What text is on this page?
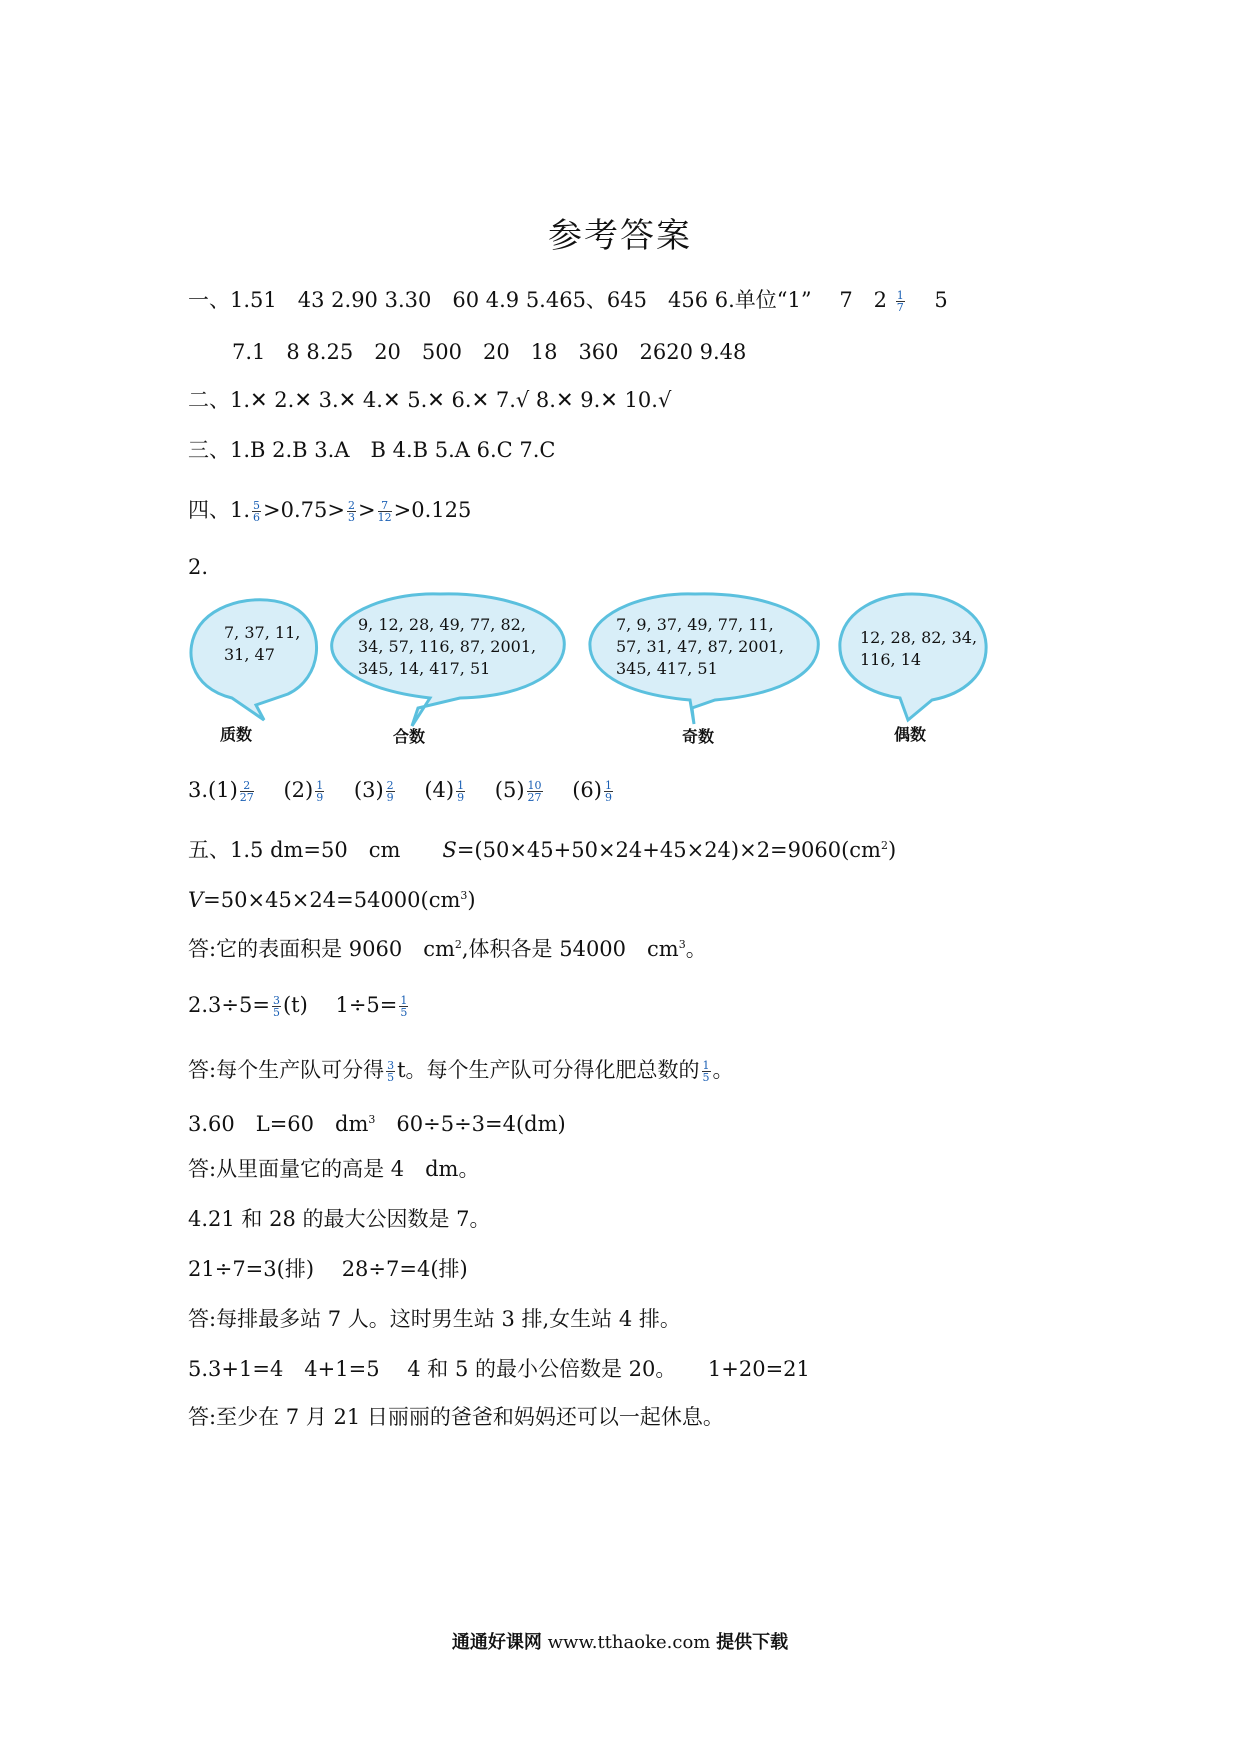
参考答案
一、1.51　43 2.90 3.30　60 4.9 5.465、645　456 6.单位“1”　 7　$2 \frac{1}{7}$ 　5
7.1　8 8.25　20　500　20　18　360　2620 9.48
二、1.✕ 2.✕ 3.✕ 4.✕ 5.✕ 6.✕ 7.√ 8.✕ 9.✕ 10.√
三、1.B 2.B 3.A　B 4.B 5.A 6.C 7.C
四、1. $\frac{5}{6} >0.75> \frac{2}{3} > \frac{7}{12} >0.125$
2.
7, 37, 11,
31, 47
质数
9, 12, 28, 49, 77, 82,
34, 57, 116, 87, 2001,
345, 14, 417, 51
合数
7, 9, 37, 49, 77, 11,
57, 31, 47, 87, 2001,
345, 417, 51
奇数
12, 28, 82, 34,
116, 14
偶数
$3.(1) \frac{2}{27}$
　 $(2) \frac{1}{9}$
　 $(3) \frac{2}{9}$
　 $(4) \frac{1}{9}$
　 $(5) \frac{10}{27}$
　 $(6) \frac{1}{9}$
五、1.5 dm=50　cm　　$S=(50\times 45+50\times 24+45\times 24)\times 2=9060(cm^2)$
$V=50\times 45\times 24=54000(cm^3)$
答:它的表面积是 9060　$cm^2$,体积各是 54000　$cm^3$。
$2.3\div 5= \frac{3}{5} (t)$　 $1\div 5= \frac{1}{5}$
答:每个生产队可分得 $\frac{3}{5}$ t。每个生产队可分得化肥总数的 $\frac{1}{5}$ 。
3.60　L=60　$dm^3$　60÷5÷3=4(dm)
答:从里面量它的高是 4　dm。
4.21 和 28 的最大公因数是 7。
21÷7=3(排)　 28÷7=4(排)
答:每排最多站 7 人。这时男生站 3 排,女生站 4 排。
5.3+1=4　4+1=5　 4 和 5 的最小公倍数是 20。　　1+20=21
答:至少在 7 月 21 日丽丽的爸爸和妈妈还可以一起休息。
通通好课网 www.tthaoke.com 提供下载
